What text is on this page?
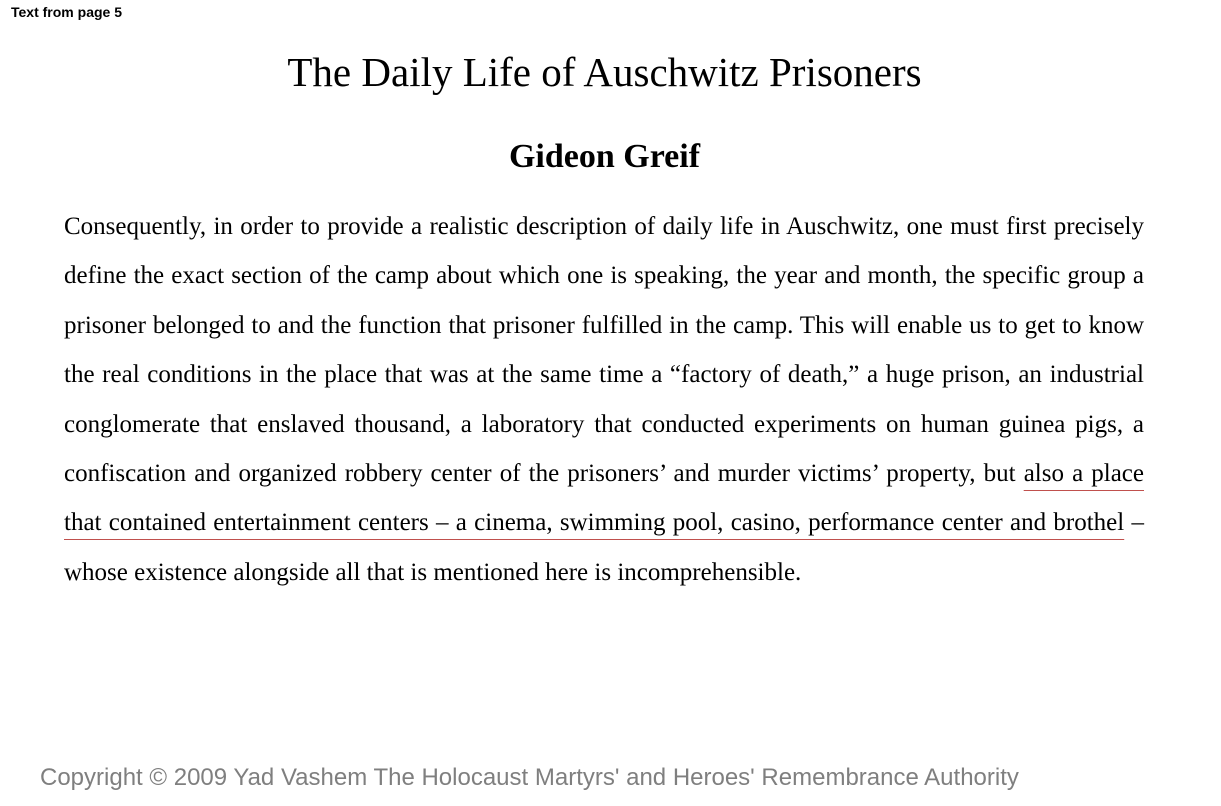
Text from page 5

The Daily Life of Auschwitz Prisoners
Gideon Greif

Consequently, in order to provide a realistic description of daily life in Auschwitz, one must first precisely define the exact section of the camp about which one is speaking, the year and month, the specific group a prisoner belonged to and the function that prisoner fulfilled in the camp. This will enable us to get to know the real conditions in the place that was at the same time a “factory of death,” a huge prison, an industrial conglomerate that enslaved thousand, a laboratory that conducted experiments on human guinea pigs, a confiscation and organized robbery center of the prisoners’ and murder victims’ property, but also a place that contained entertainment centers – a cinema, swimming pool, casino, performance center and brothel – whose existence alongside all that is mentioned here is incomprehensible.

Copyright © 2009 Yad Vashem The Holocaust Martyrs' and Heroes' Remembrance Authority
